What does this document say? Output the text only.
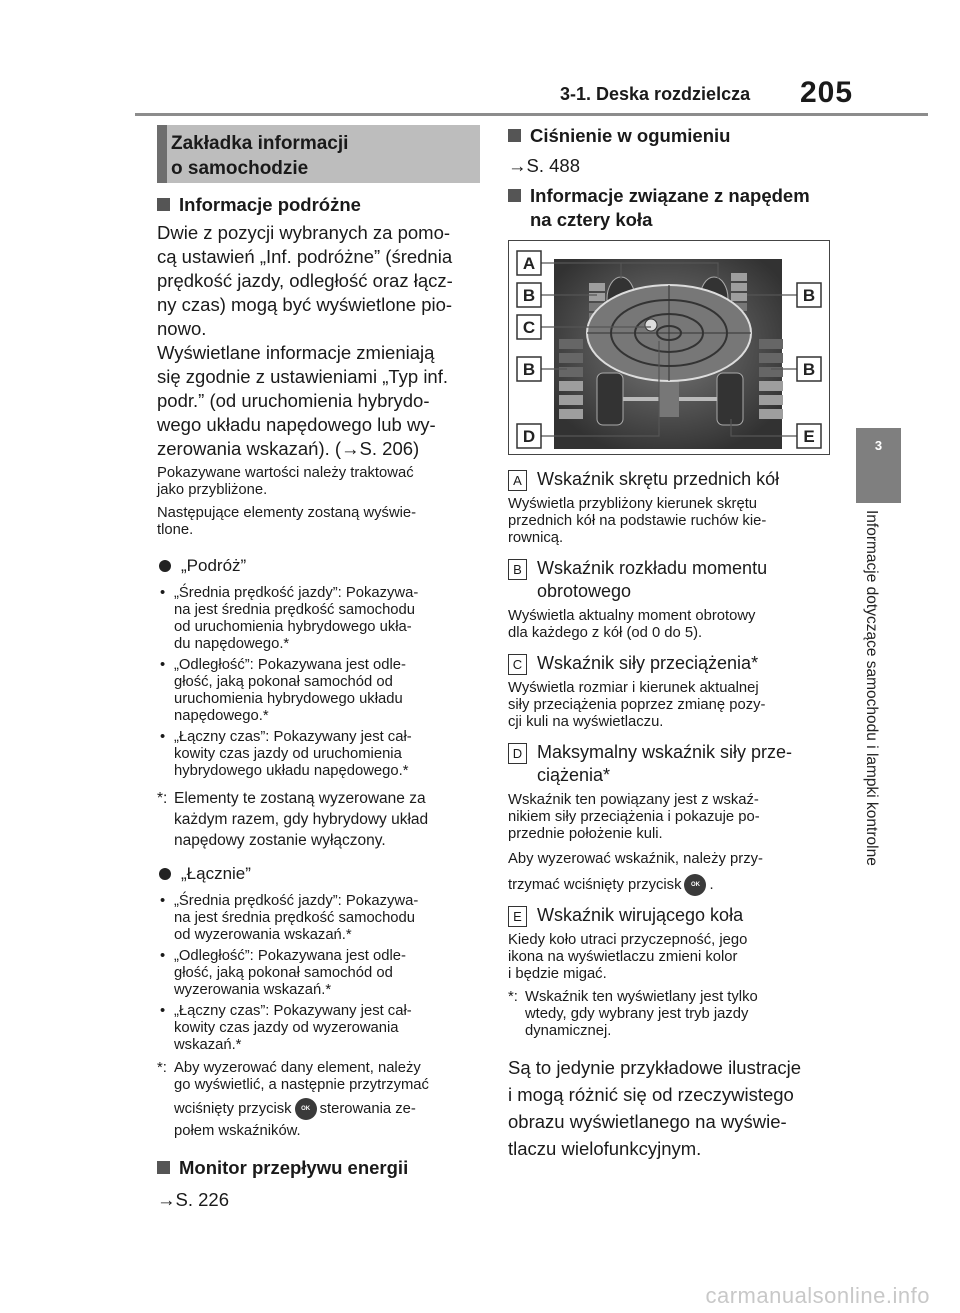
3-1. Deska rozdzielcza 205
3
Informacje dotyczące samochodu i lampki kontrolne
Zakładka informacji
o samochodzie

Informacje podróżne

Dwie z pozycji wybranych za pomo-
cą ustawień „Inf. podróżne” (średnia
prędkość jazdy, odległość oraz łącz-
ny czas) mogą być wyświetlone pio-
nowo.

Wyświetlane informacje zmieniają
się zgodnie z ustawieniami „Typ inf.
podr.” (od uruchomienia hybrydo-
wego układu napędowego lub wy-
zerowania wskazań). (→S. 206)

Pokazywane wartości należy traktować
jako przybliżone.

Następujące elementy zostaną wyświe-
tlone.

„Podróż”

• „Średnia prędkość jazdy”: Pokazywa-
na jest średnia prędkość samochodu
od uruchomienia hybrydowego ukła-
du napędowego.*

• „Odległość”: Pokazywana jest odle-
głość, jaką pokonał samochód od
uruchomienia hybrydowego układu
napędowego.*

• „Łączny czas”: Pokazywany jest cał-
kowity czas jazdy od uruchomienia
hybrydowego układu napędowego.*

*: Elementy te zostaną wyzerowane za
każdym razem, gdy hybrydowy układ
napędowy zostanie wyłączony.

„Łącznie”

• „Średnia prędkość jazdy”: Pokazywa-
na jest średnia prędkość samochodu
od wyzerowania wskazań.*

• „Odległość”: Pokazywana jest odle-
głość, jaką pokonał samochód od
wyzerowania wskazań.*

• „Łączny czas”: Pokazywany jest cał-
kowity czas jazdy od wyzerowania
wskazań.*

*: Aby wyzerować dany element, należy
go wyświetlić, a następnie przytrzymać
wciśnięty przycisk OK sterowania ze-
połem wskaźników.

Monitor przepływu energii

→S. 226

Ciśnienie w ogumieniu

→S. 488

Informacje związane z napędem
na cztery koła

A
B	B
C
B	B
D	E

A Wskaźnik skrętu przednich kół

Wyświetla przybliżony kierunek skrętu
przednich kół na podstawie ruchów kie-
rownicą.

B Wskaźnik rozkładu momentu
obrotowego

Wyświetla aktualny moment obrotowy
dla każdego z kół (od 0 do 5).

C Wskaźnik siły przeciążenia*

Wyświetla rozmiar i kierunek aktualnej
siły przeciążenia poprzez zmianę pozy-
cji kuli na wyświetlaczu.

D Maksymalny wskaźnik siły prze-
ciążenia*

Wskaźnik ten powiązany jest z wskaź-
nikiem siły przeciążenia i pokazuje po-
przednie położenie kuli.

Aby wyzerować wskaźnik, należy przy-

trzymać wciśnięty przycisk OK .

E Wskaźnik wirującego koła

Kiedy koło utraci przyczepność, jego
ikona na wyświetlaczu zmieni kolor
i będzie migać.

*: Wskaźnik ten wyświetlany jest tylko
wtedy, gdy wybrany jest tryb jazdy
dynamicznej.

Są to jedynie przykładowe ilustracje
i mogą różnić się od rzeczywistego
obrazu wyświetlanego na wyświe-
tlaczu wielofunkcyjnym.

carmanualsonline.info
